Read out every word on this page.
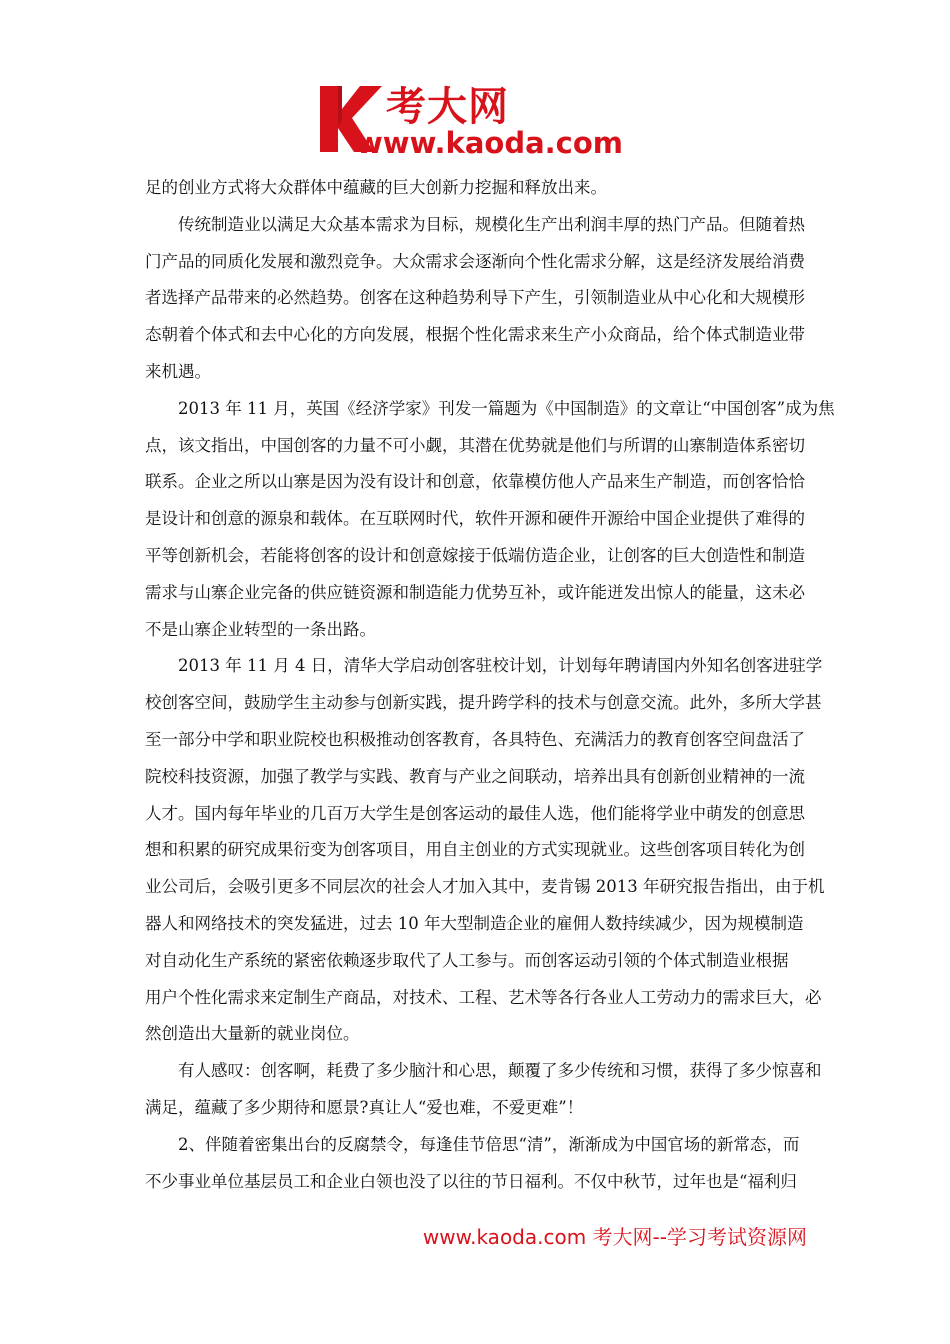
考大网
www.kaoda.com
足的创业方式将大众群体中蕴藏的巨大创新力挖掘和释放出来。
传统制造业以满足大众基本需求为目标，规模化生产出利润丰厚的热门产品。但随着热
门产品的同质化发展和激烈竞争。大众需求会逐渐向个性化需求分解，这是经济发展给消费
者选择产品带来的必然趋势。创客在这种趋势利导下产生，引领制造业从中心化和大规模形
态朝着个体式和去中心化的方向发展，根据个性化需求来生产小众商品，给个体式制造业带
来机遇。
2013 年 11 月，英国《经济学家》刊发一篇题为《中国制造》的文章让“中国创客”成为焦
点，该文指出，中国创客的力量不可小觑，其潜在优势就是他们与所谓的山寨制造体系密切
联系。企业之所以山寨是因为没有设计和创意，依靠模仿他人产品来生产制造，而创客恰恰
是设计和创意的源泉和载体。在互联网时代，软件开源和硬件开源给中国企业提供了难得的
平等创新机会，若能将创客的设计和创意嫁接于低端仿造企业，让创客的巨大创造性和制造
需求与山寨企业完备的供应链资源和制造能力优势互补，或许能迸发出惊人的能量，这未必
不是山寨企业转型的一条出路。
2013 年 11 月 4 日，清华大学启动创客驻校计划，计划每年聘请国内外知名创客进驻学
校创客空间，鼓励学生主动参与创新实践，提升跨学科的技术与创意交流。此外，多所大学甚
至一部分中学和职业院校也积极推动创客教育，各具特色、充满活力的教育创客空间盘活了
院校科技资源，加强了教学与实践、教育与产业之间联动，培养出具有创新创业精神的一流
人才。国内每年毕业的几百万大学生是创客运动的最佳人选，他们能将学业中萌发的创意思
想和积累的研究成果衍变为创客项目，用自主创业的方式实现就业。这些创客项目转化为创
业公司后，会吸引更多不同层次的社会人才加入其中，麦肯锡 2013 年研究报告指出，由于机
器人和网络技术的突发猛进，过去 10 年大型制造企业的雇佣人数持续减少，因为规模制造
对自动化生产系统的紧密依赖逐步取代了人工参与。而创客运动引领的个体式制造业根据
用户个性化需求来定制生产商品，对技术、工程、艺术等各行各业人工劳动力的需求巨大，必
然创造出大量新的就业岗位。
有人感叹：创客啊，耗费了多少脑汁和心思，颠覆了多少传统和习惯，获得了多少惊喜和
满足，蕴藏了多少期待和愿景?真让人“爱也难，不爱更难”！
2、伴随着密集出台的反腐禁令，每逢佳节倍思“清”，渐渐成为中国官场的新常态，而
不少事业单位基层员工和企业白领也没了以往的节日福利。不仅中秋节，过年也是“福利归
www.kaoda.com 考大网--学习考试资源网
